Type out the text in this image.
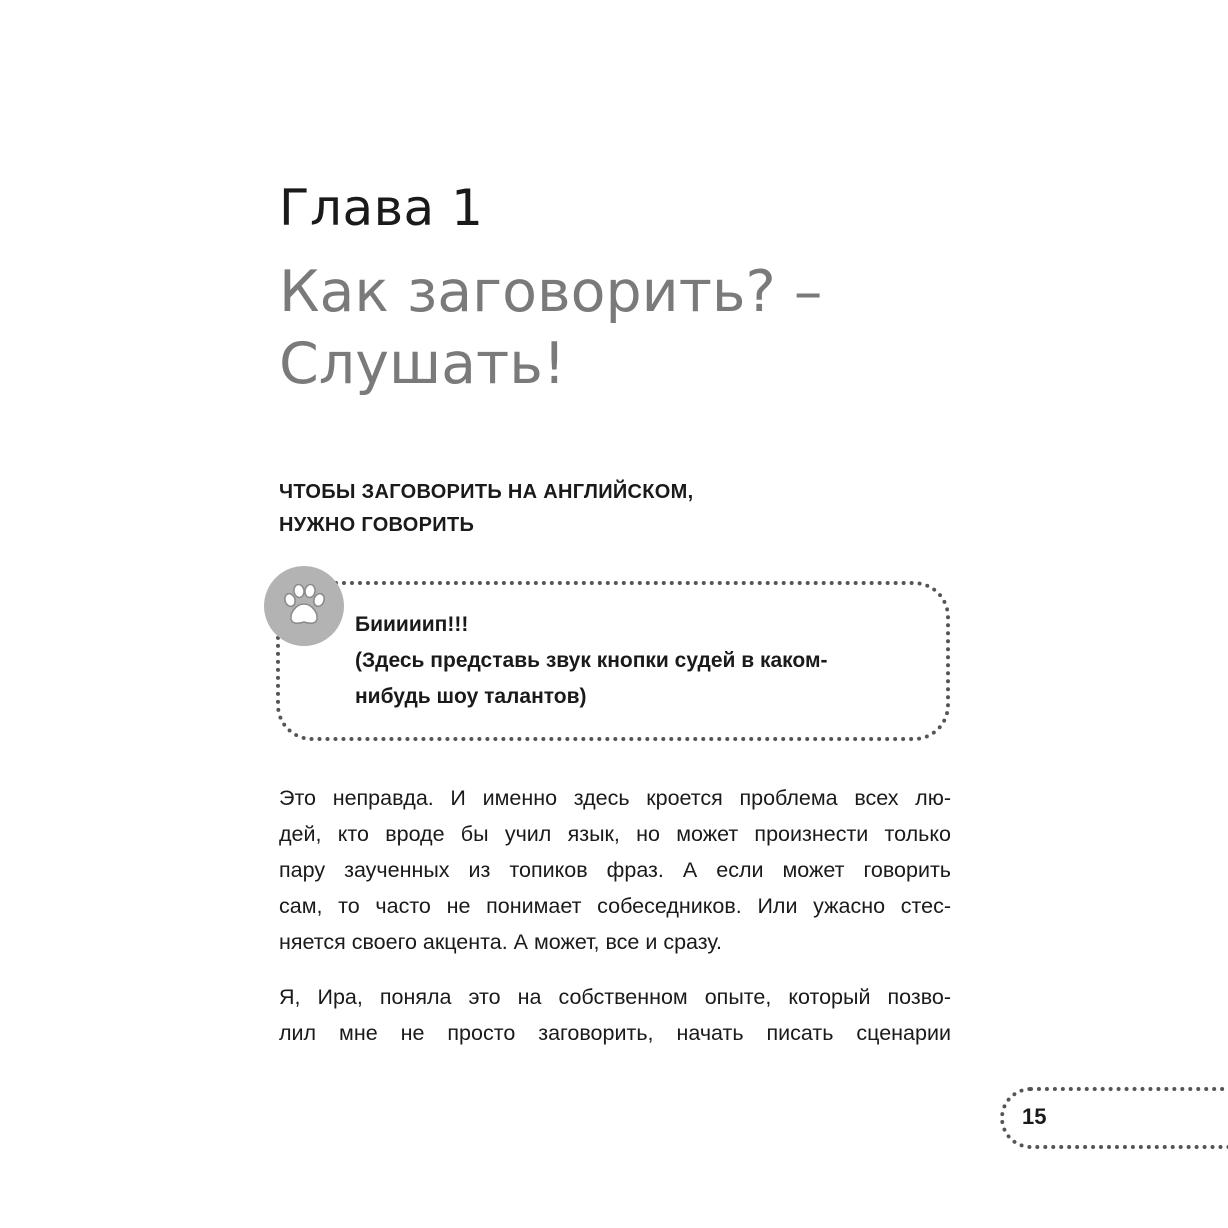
Глава 1
Как заговорить? –
Слушать!
ЧТОБЫ ЗАГОВОРИТЬ НА АНГЛИЙСКОМ,
НУЖНО ГОВОРИТЬ
Бииииип!!!
(Здесь представь звук кнопки судей в каком-
нибудь шоу талантов)
Это неправда. И именно здесь кроется проблема всех лю-
дей, кто вроде бы учил язык, но может произнести только
пару заученных из топиков фраз. А если может говорить
сам, то часто не понимает собеседников. Или ужасно стес-
няется своего акцента. А может, все и сразу.
Я, Ира, поняла это на собственном опыте, который позво-
лил мне не просто заговорить, начать писать сценарии
15
